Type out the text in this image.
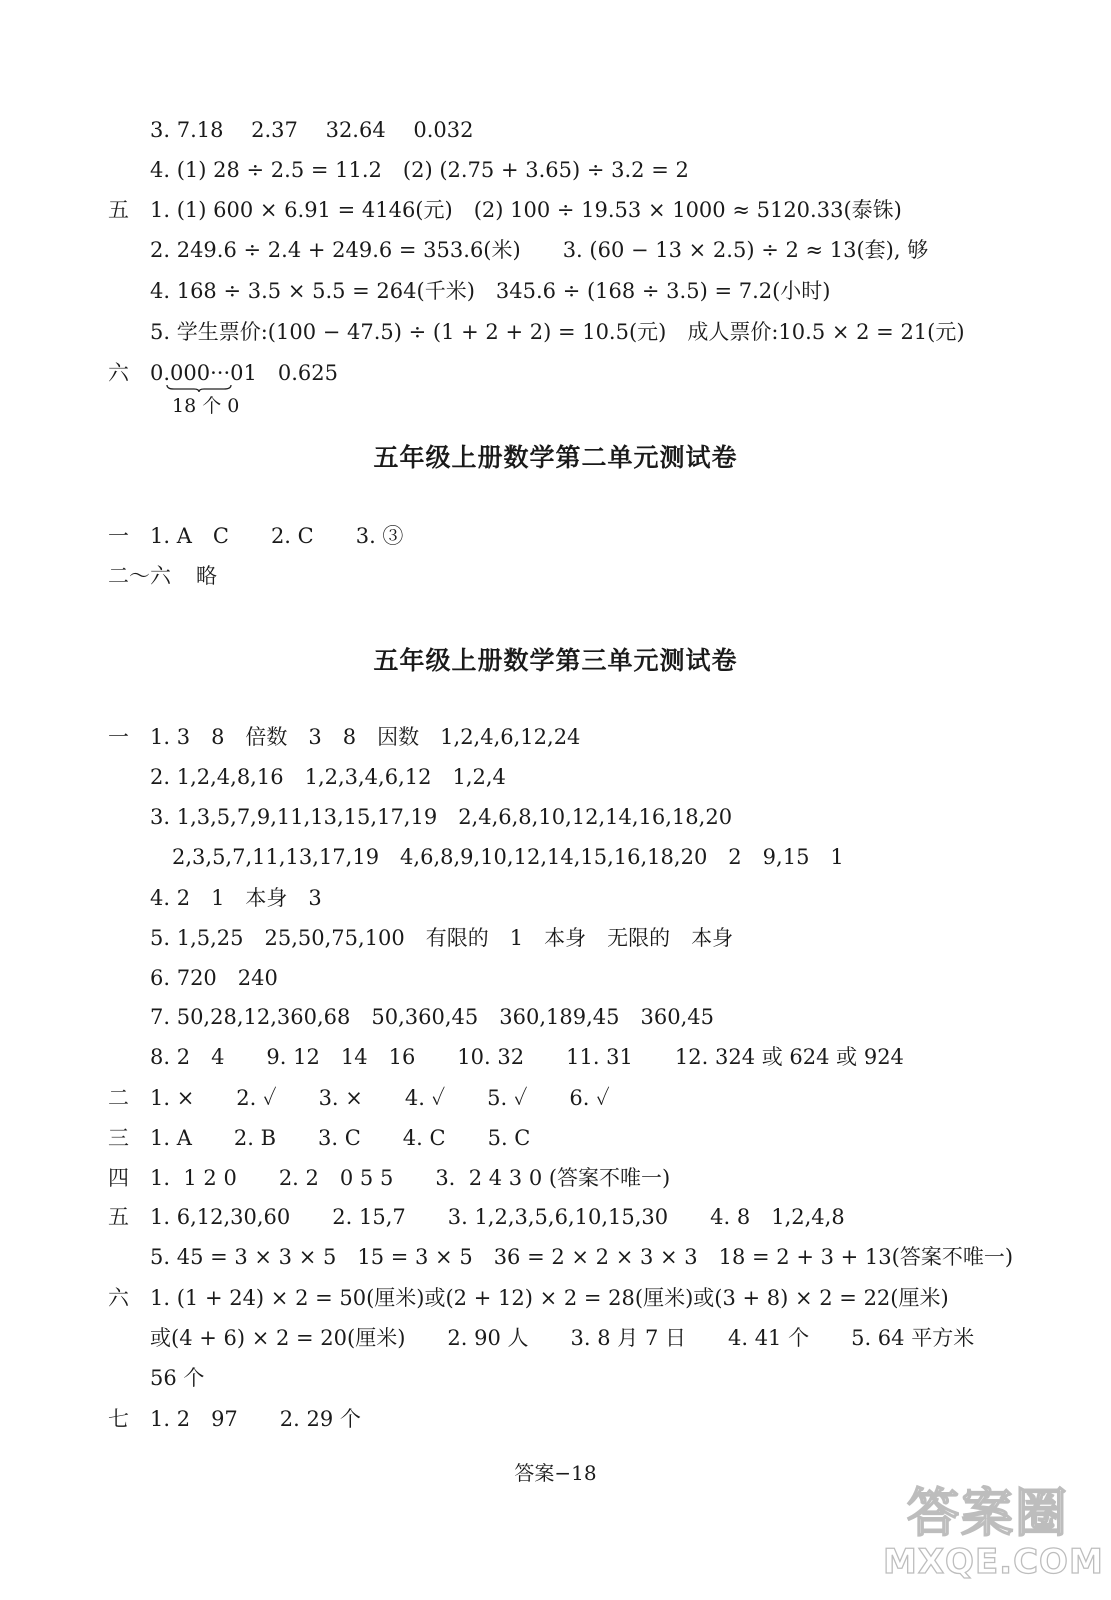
3. 7.18　 2.37　 32.64　 0.032
4. (1) 28 ÷ 2.5 = 11.2　(2) (2.75 + 3.65) ÷ 3.2 = 2
五 1. (1) 600 × 6.91 = 4146(元)　(2) 100 ÷ 19.53 × 1000 ≈ 5120.33(泰铢)
2. 249.6 ÷ 2.4 + 249.6 = 353.6(米)　　3. (60 − 13 × 2.5) ÷ 2 ≈ 13(套), 够
4. 168 ÷ 3.5 × 5.5 = 264(千米)　345.6 ÷ (168 ÷ 3.5) = 7.2(小时)
5. 学生票价:(100 − 47.5) ÷ (1 + 2 + 2) = 10.5(元)　成人票价:10.5 × 2 = 21(元)
六 0.000···01　0.625
18 个 0
五年级上册数学第二单元测试卷
一 1. A　C　　2. C　　3. ③
二～六 略
五年级上册数学第三单元测试卷
一 1. 3　8　倍数　3　8　因数　1,2,4,6,12,24
2. 1,2,4,8,16　1,2,3,4,6,12　1,2,4
3. 1,3,5,7,9,11,13,15,17,19　2,4,6,8,10,12,14,16,18,20
2,3,5,7,11,13,17,19　4,6,8,9,10,12,14,15,16,18,20　2　9,15　1
4. 2　1　本身　3
5. 1,5,25　25,50,75,100　有限的　1　本身　无限的　本身
6. 720　240
7. 50,28,12,360,68　50,360,45　360,189,45　360,45
8. 2　4　　9. 12　14　16　　10. 32　　11. 31　　12. 324 或 624 或 924
二 1. ×　　2. ✓　　3. ×　　4. ✓　　5. ✓　　6. ✓
三 1. A　　2. B　　3. C　　4. C　　5. C
四 1.  1 2 0　　2. 2　0 5 5　　3.  2 4 3 0 (答案不唯一)
五 1. 6,12,30,60　　2. 15,7　　3. 1,2,3,5,6,10,15,30　　4. 8　1,2,4,8
5. 45 = 3 × 3 × 5　15 = 3 × 5　36 = 2 × 2 × 3 × 3　18 = 2 + 3 + 13(答案不唯一)
六 1. (1 + 24) × 2 = 50(厘米)或(2 + 12) × 2 = 28(厘米)或(3 + 8) × 2 = 22(厘米)
或(4 + 6) × 2 = 20(厘米)　　2. 90 人　　3. 8 月 7 日　　4. 41 个　　5. 64 平方米
56 个
七 1. 2　97　　2. 29 个
答案−18
答案圈
MXQE.COM
